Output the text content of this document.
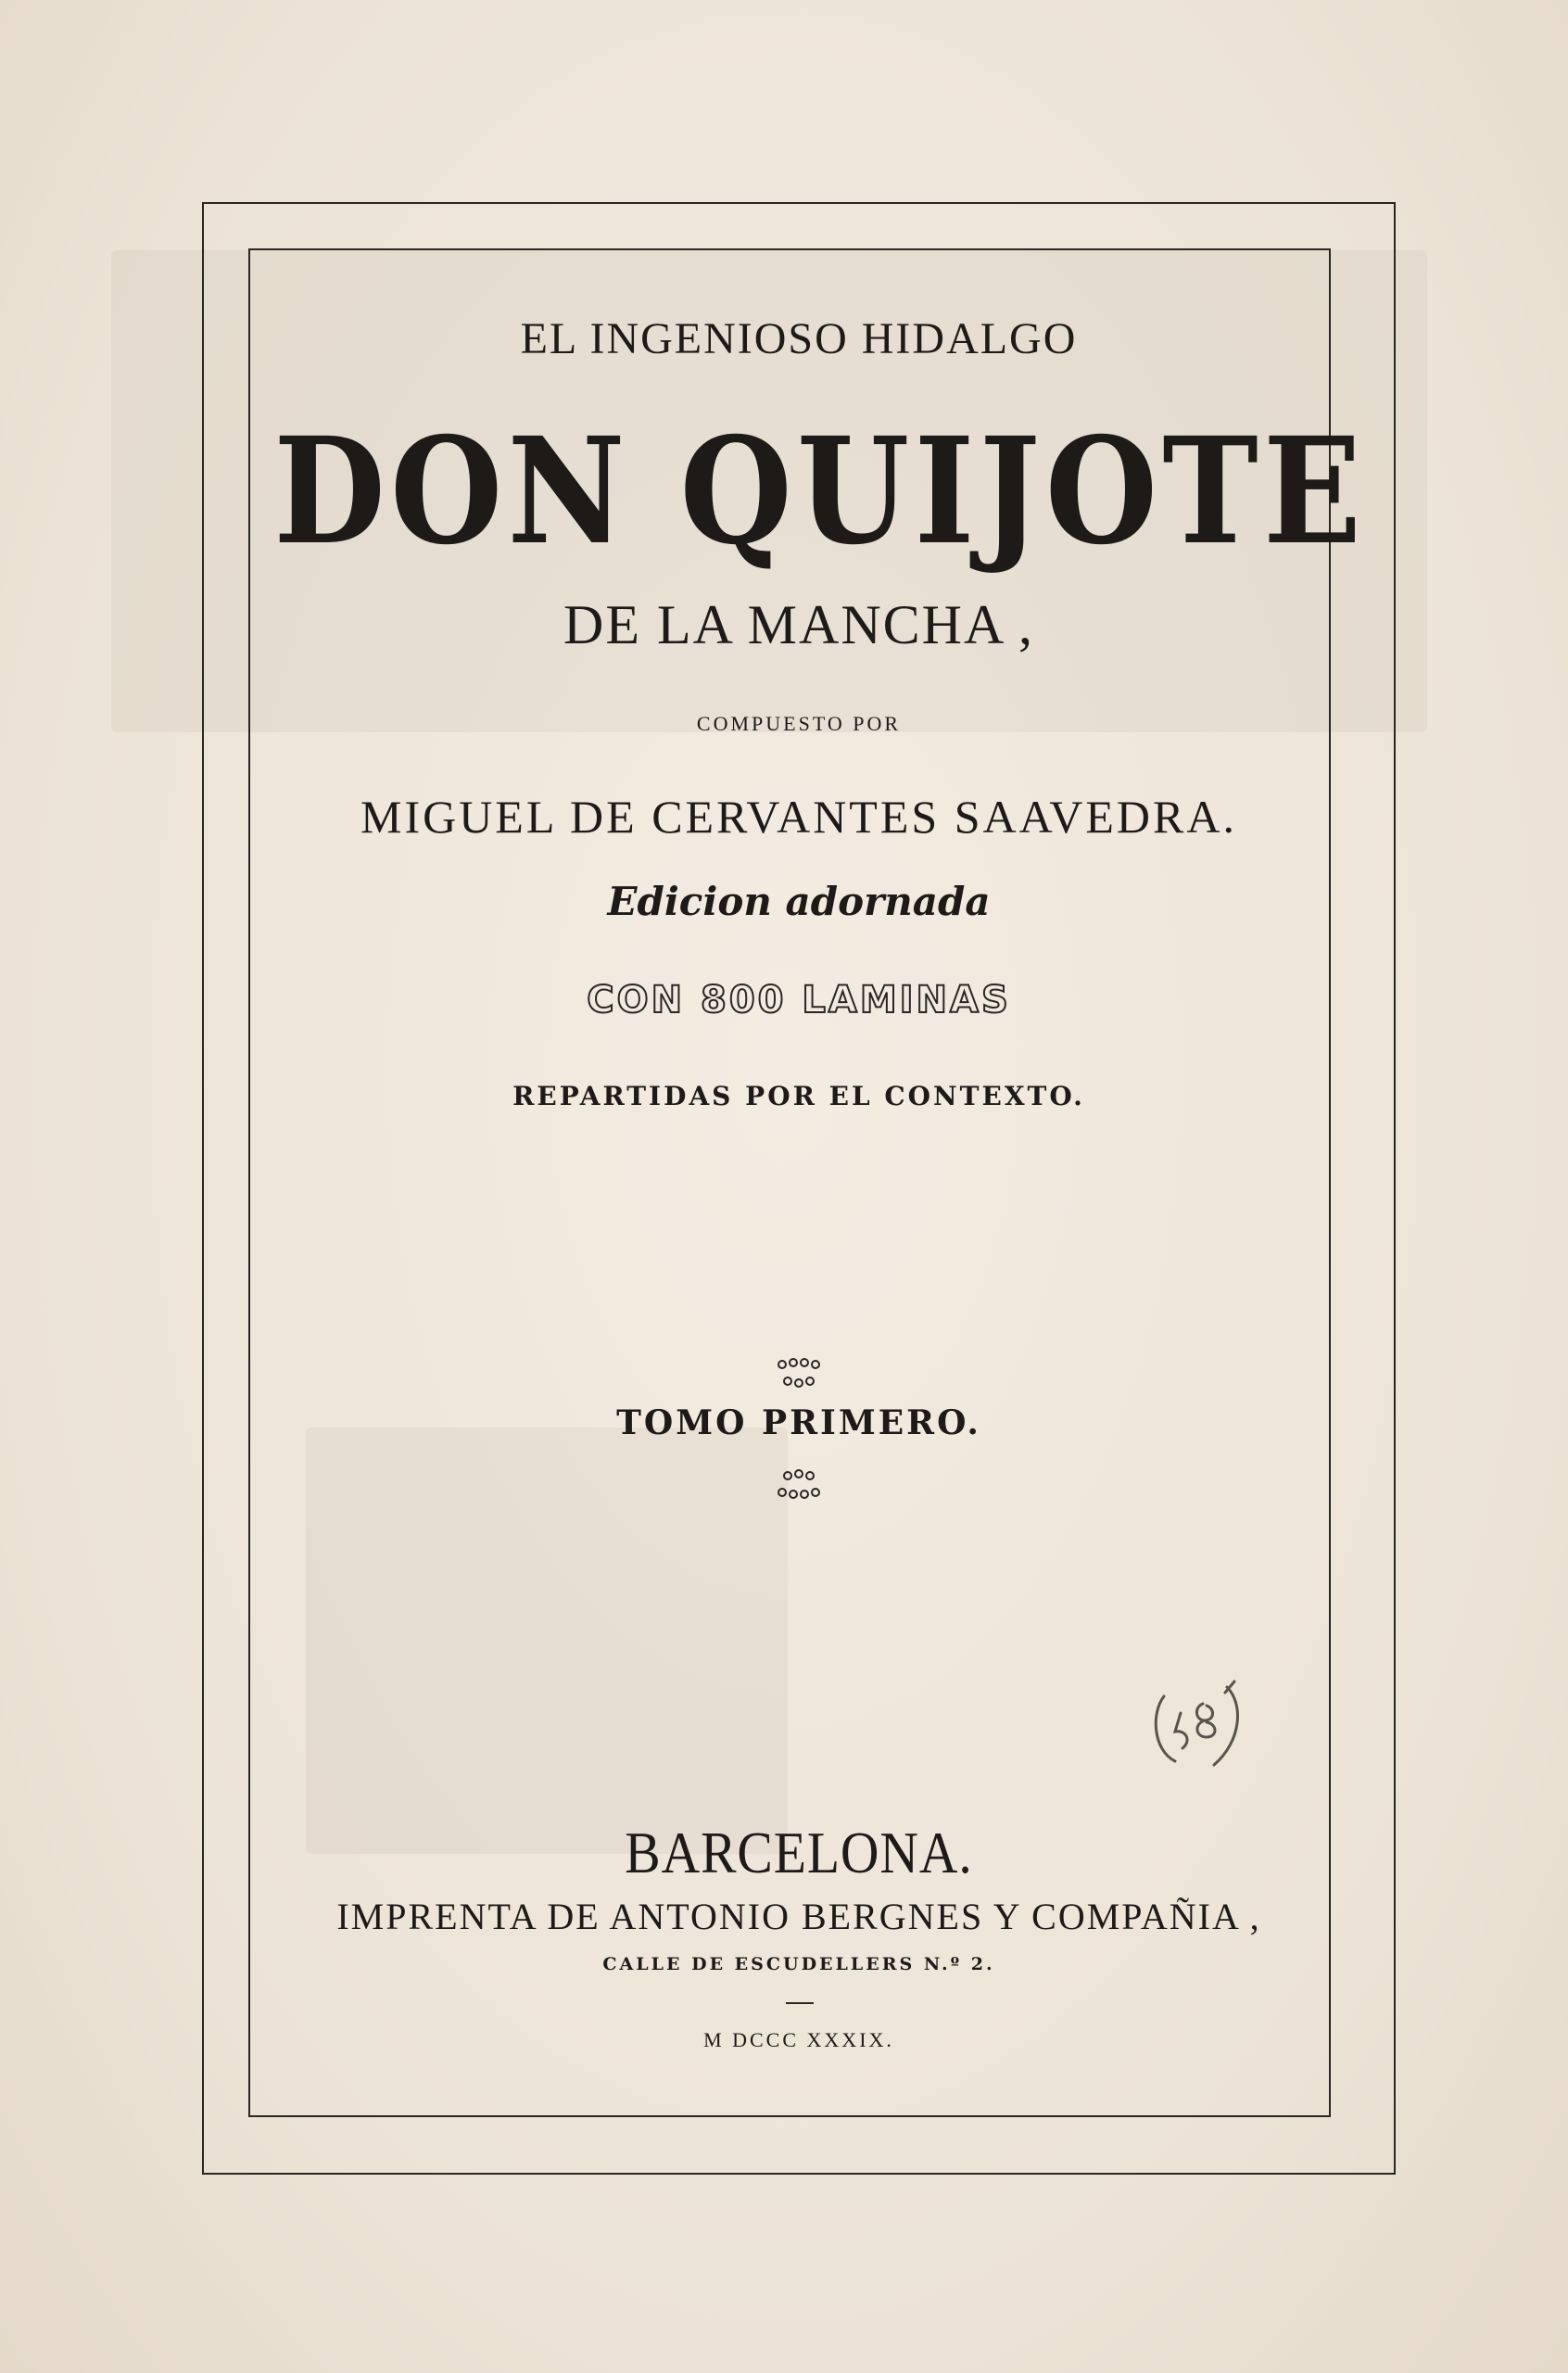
EL INGENIOSO HIDALGO
DON QUIJOTE
DE LA MANCHA ,
COMPUESTO POR
MIGUEL DE CERVANTES SAAVEDRA.
Edicion adornada
CON 800 LAMINAS
REPARTIDAS POR EL CONTEXTO.
TOMO PRIMERO.
BARCELONA.
IMPRENTA DE ANTONIO BERGNES Y COMPAÑIA ,
CALLE DE ESCUDELLERS N.º 2.
M DCCC XXXIX.
